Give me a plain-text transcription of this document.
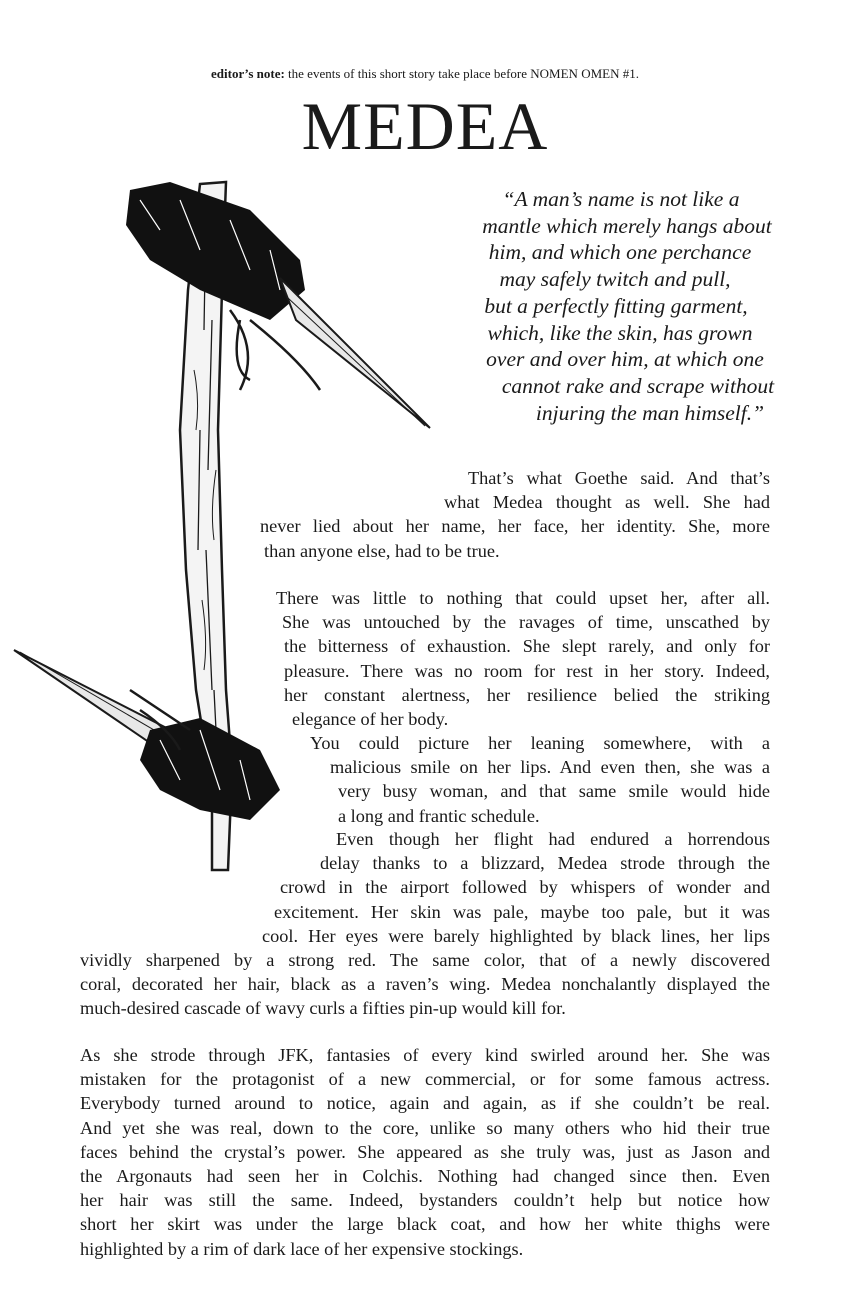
editor’s note: the events of this short story take place before NOMEN OMEN #1.
MEDEA
“A man’s name is not like a
mantle which merely hangs about
him, and which one perchance
may safely twitch and pull,
but a perfectly fitting garment,
which, like the skin, has grown
over and over him, at which one
cannot rake and scrape without
injuring the man himself.”
That’s what Goethe said. And that’s
what Medea thought as well. She had
never lied about her name, her face, her identity. She, more
than anyone else, had to be true.
There was little to nothing that could upset her, after all.
She was untouched by the ravages of time, unscathed by
the bitterness of exhaustion. She slept rarely, and only for
pleasure. There was no room for rest in her story. Indeed,
her constant alertness, her resilience belied the striking
elegance of her body.
You could picture her leaning somewhere, with a
malicious smile on her lips. And even then, she was a
very busy woman, and that same smile would hide
a long and frantic schedule.
Even though her flight had endured a horrendous
delay thanks to a blizzard, Medea strode through the
crowd in the airport followed by whispers of wonder and
excitement. Her skin was pale, maybe too pale, but it was
cool. Her eyes were barely highlighted by black lines, her lips
vividly sharpened by a strong red. The same color, that of a newly discovered
coral, decorated her hair, black as a raven’s wing. Medea nonchalantly displayed the
much-desired cascade of wavy curls a fifties pin-up would kill for.
As she strode through JFK, fantasies of every kind swirled around her. She was
mistaken for the protagonist of a new commercial, or for some famous actress.
Everybody turned around to notice, again and again, as if she couldn’t be real.
And yet she was real, down to the core, unlike so many others who hid their true
faces behind the crystal’s power. She appeared as she truly was, just as Jason and
the Argonauts had seen her in Colchis. Nothing had changed since then. Even
her hair was still the same. Indeed, bystanders couldn’t help but notice how
short her skirt was under the large black coat, and how her white thighs were
highlighted by a rim of dark lace of her expensive stockings.
